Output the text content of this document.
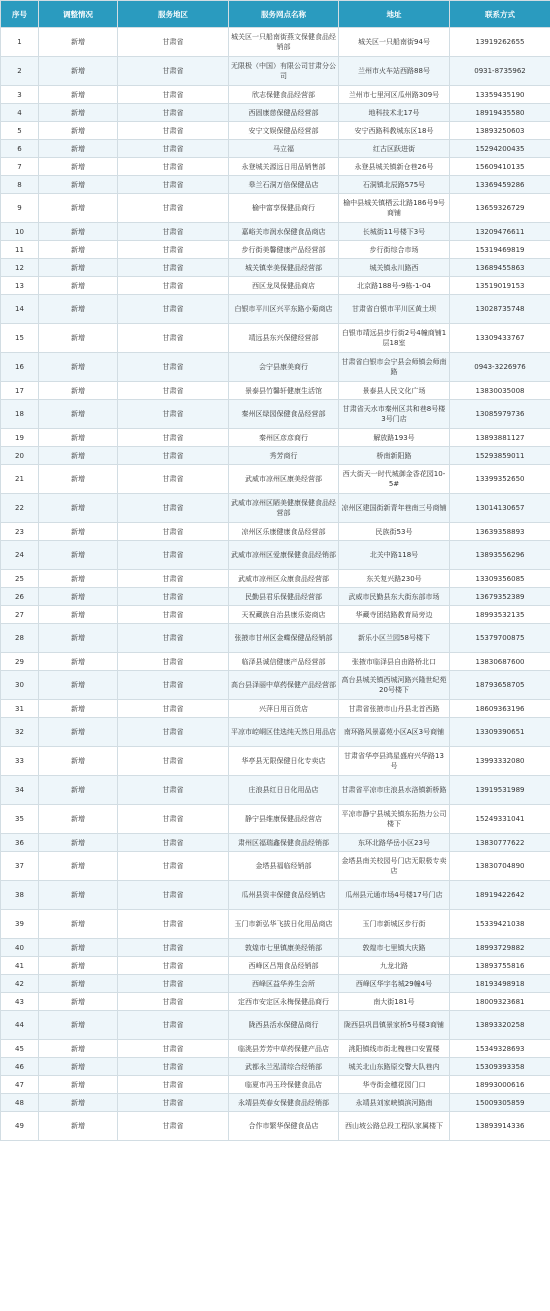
序号	调整情况	服务地区	服务网点名称	地址	联系方式
1	新增	甘肃省	城关区一只船南街燕文保健食品经销部	城关区一只船南街94号	13919262655
2	新增	甘肃省	无限极（中国）有限公司甘肃分公司	兰州市火车站西路88号	0931-8735962
3	新增	甘肃省	欣志保健食品经营部	兰州市七里河区瓜州路309号	13359435190
4	新增	甘肃省	西固康慈保健品经营部	地科技术北17号	18919435580
5	新增	甘肃省	安宁文娱保健品经营部	安宁西路科教城东区18号	13893250603
6	新增	甘肃省	马立福	红古区跃进街	15294200435
7	新增	甘肃省	永登城关源远日用品销售部	永登县城关镇新仓巷26号	15609410135
8	新增	甘肃省	皋兰石洞万倍保健品店	石洞镇北辰路575号	13369459286
9	新增	甘肃省	榆中富享保健品商行	榆中县城关镇栖云北路186号9号商铺	13659326729
10	新增	甘肃省	嘉峪关市润水保健食品商店	长城街11号楼下3号	13209476611
11	新增	甘肃省	步行街美馨健康产品经营部	步行街综合市场	15319469819
12	新增	甘肃省	城关镇幸美保健品经营部	城关镇永川路西	13689455863
13	新增	甘肃省	西区龙凤保健品商店	北京路188号-9栋-1-04	13519019153
14	新增	甘肃省	白银市平川区兴平东路小菊商店	甘肃省白银市平川区黄土坝	13028735748
15	新增	甘肃省	靖远县东兴保健经营部	白银市靖远县步行街2号4幢商铺1层18室	13309433767
16	新增	甘肃省	会宁县康美商行	甘肃省白银市会宁县会师镇会师南路	0943-3226976
17	新增	甘肃省	景泰县竹馨轩健康生活馆	景泰县人民文化广场	13830035008
18	新增	甘肃省	秦州区绿园保健食品经营部	甘肃省天水市秦州区共和巷8号楼3号门店	13085979736
19	新增	甘肃省	秦州区彦彦商行	解放路193号	13893881127
20	新增	甘肃省	秀芳商行	桥南新阳路	15293859011
21	新增	甘肃省	武威市凉州区康美经营部	西大街天一时代城御金香花园10-5#	13399352650
22	新增	甘肃省	武威市凉州区陋美健康保健食品经营部	凉州区建国街新青年巷南三号商铺	13014130657
23	新增	甘肃省	凉州区乐康健康食品经营部	民族街53号	13639358893
24	新增	甘肃省	武威市凉州区爱康保健食品经销部	北关中路118号	13893556296
25	新增	甘肃省	武威市凉州区众康食品经营部	东关复兴路230号	13309356085
26	新增	甘肃省	民勤县君乐保健品经营部	武威市民勤县东大街东部市场	13679352389
27	新增	甘肃省	天祝藏族自治县康乐姿商店	华藏寺团结路教育局旁边	18993532135
28	新增	甘肃省	张掖市甘州区金蝶保健品经销部	新乐小区兰园58号楼下	15379700875
29	新增	甘肃省	临泽县诚信健康产品经营部	张掖市临泽县自由路桥北口	13830687600
30	新增	甘肃省	高台县泽丽中草药保健产品经营部	高台县城关镇西城河路兴隆世纪苑20号楼下	18793658705
31	新增	甘肃省	兴萍日用百货店	甘肃省张掖市山丹县北首西路	18609363196
32	新增	甘肃省	平凉市崆峒区佳选纯天然日用品店	南环路风景嘉苑小区A区3号商铺	13309390651
33	新增	甘肃省	华亭县无限保健日化专卖店	甘肃省华亭县鸿星盛府兴华路13号	13993332080
34	新增	甘肃省	庄浪县红日日化用品店	甘肃省平凉市庄浪县水洛镇新桥路	13919531989
35	新增	甘肃省	静宁县维康保健品经营店	平凉市静宁县城关镇东拓热力公司楼下	15249331041
36	新增	甘肃省	肃州区福瑞鑫保健食品经销部	东环北路华岳小区23号	13830777622
37	新增	甘肃省	金塔县福临经销部	金塔县南关校园号门店无限极专卖店	13830704890
38	新增	甘肃省	瓜州县资丰保健食品经销店	瓜州县元通市场4号楼17号门店	18919422642
39	新增	甘肃省	玉门市新弘华飞拔日化用品商店	玉门市新城区步行街	15339421038
40	新增	甘肃省	敦煌市七里镇康美经销部	敦煌市七里镇大庆路	18993729882
41	新增	甘肃省	西峰区吕翔食品经销部	九龙北路	13893755816
42	新增	甘肃省	西峰区益华养生会所	西峰区华宇名城29幢4号	18193498918
43	新增	甘肃省	定西市安定区永梅保健品商行	南大街181号	18009323681
44	新增	甘肃省	陇西县活水保健品商行	陇西县巩昌镇景家桥5号楼3商铺	13893320258
45	新增	甘肃省	临洮县芳芳中草药保健产品店	洮阳镇线市街北槐巷口安置楼	15349328693
46	新增	甘肃省	武都永兰泓清综合经销部	城关北山东路原交警大队巷内	15309393358
47	新增	甘肃省	临夏市冯玉玲保健食品店	华寺街金穗花园门口	18993000616
48	新增	甘肃省	永靖县英春女保健食品经销部	永靖县刘家峡镇滨河路南	15009305859
49	新增	甘肃省	合作市繁华保健食品店	西山坡公路总段工程队家属楼下	13893914336
